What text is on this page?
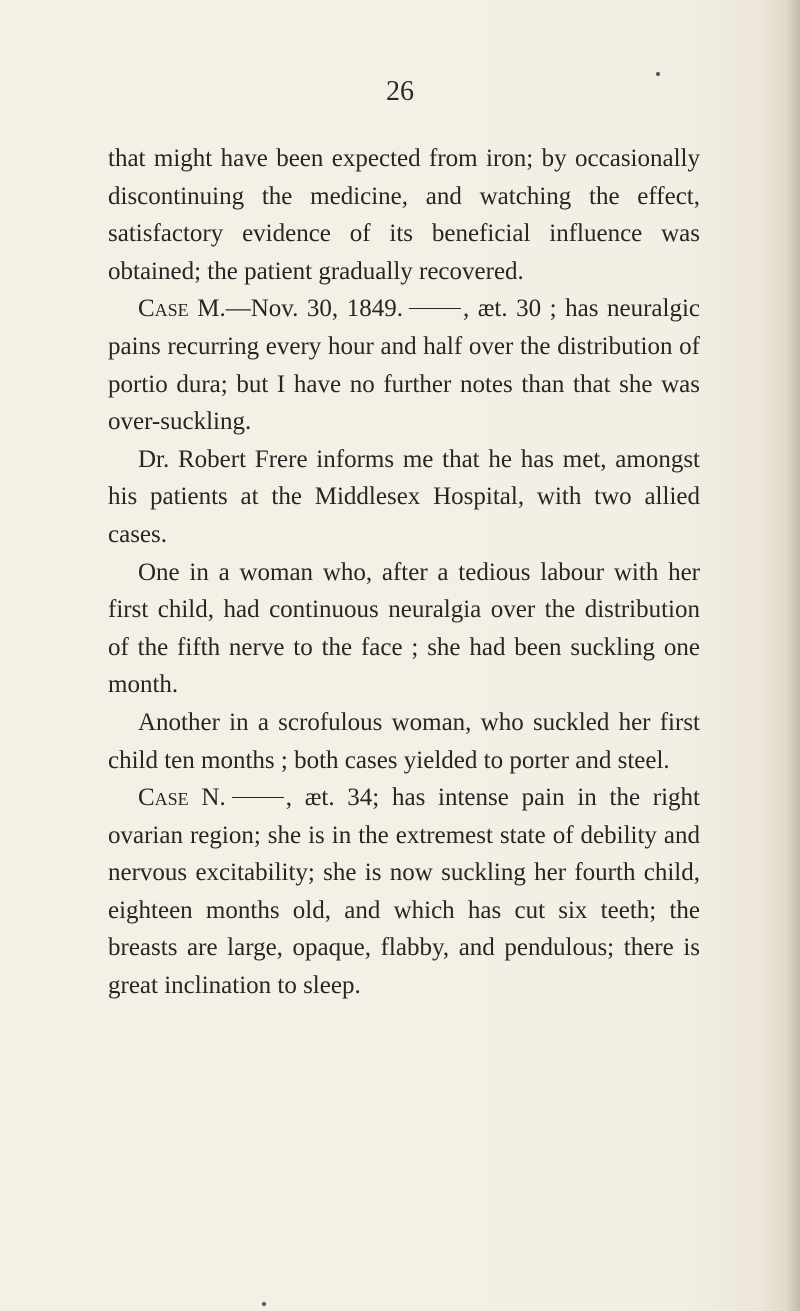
26

that might have been expected from iron; by occasionally discontinuing the medicine, and watching the effect, satisfactory evidence of its beneficial influence was obtained; the patient gradually recovered.

Case M.—Nov. 30, 1849. , æt. 30 ; has neuralgic pains recurring every hour and half over the distribution of portio dura; but I have no further notes than that she was over-suckling.

Dr. Robert Frere informs me that he has met, amongst his patients at the Middlesex Hospital, with two allied cases.

One in a woman who, after a tedious labour with her first child, had continuous neuralgia over the distribution of the fifth nerve to the face ; she had been suckling one month.

Another in a scrofulous woman, who suckled her first child ten months ; both cases yielded to porter and steel.

Case N. , æt. 34; has intense pain in the right ovarian region; she is in the extremest state of debility and nervous excitability; she is now suckling her fourth child, eighteen months old, and which has cut six teeth; the breasts are large, opaque, flabby, and pendulous; there is great inclination to sleep.
